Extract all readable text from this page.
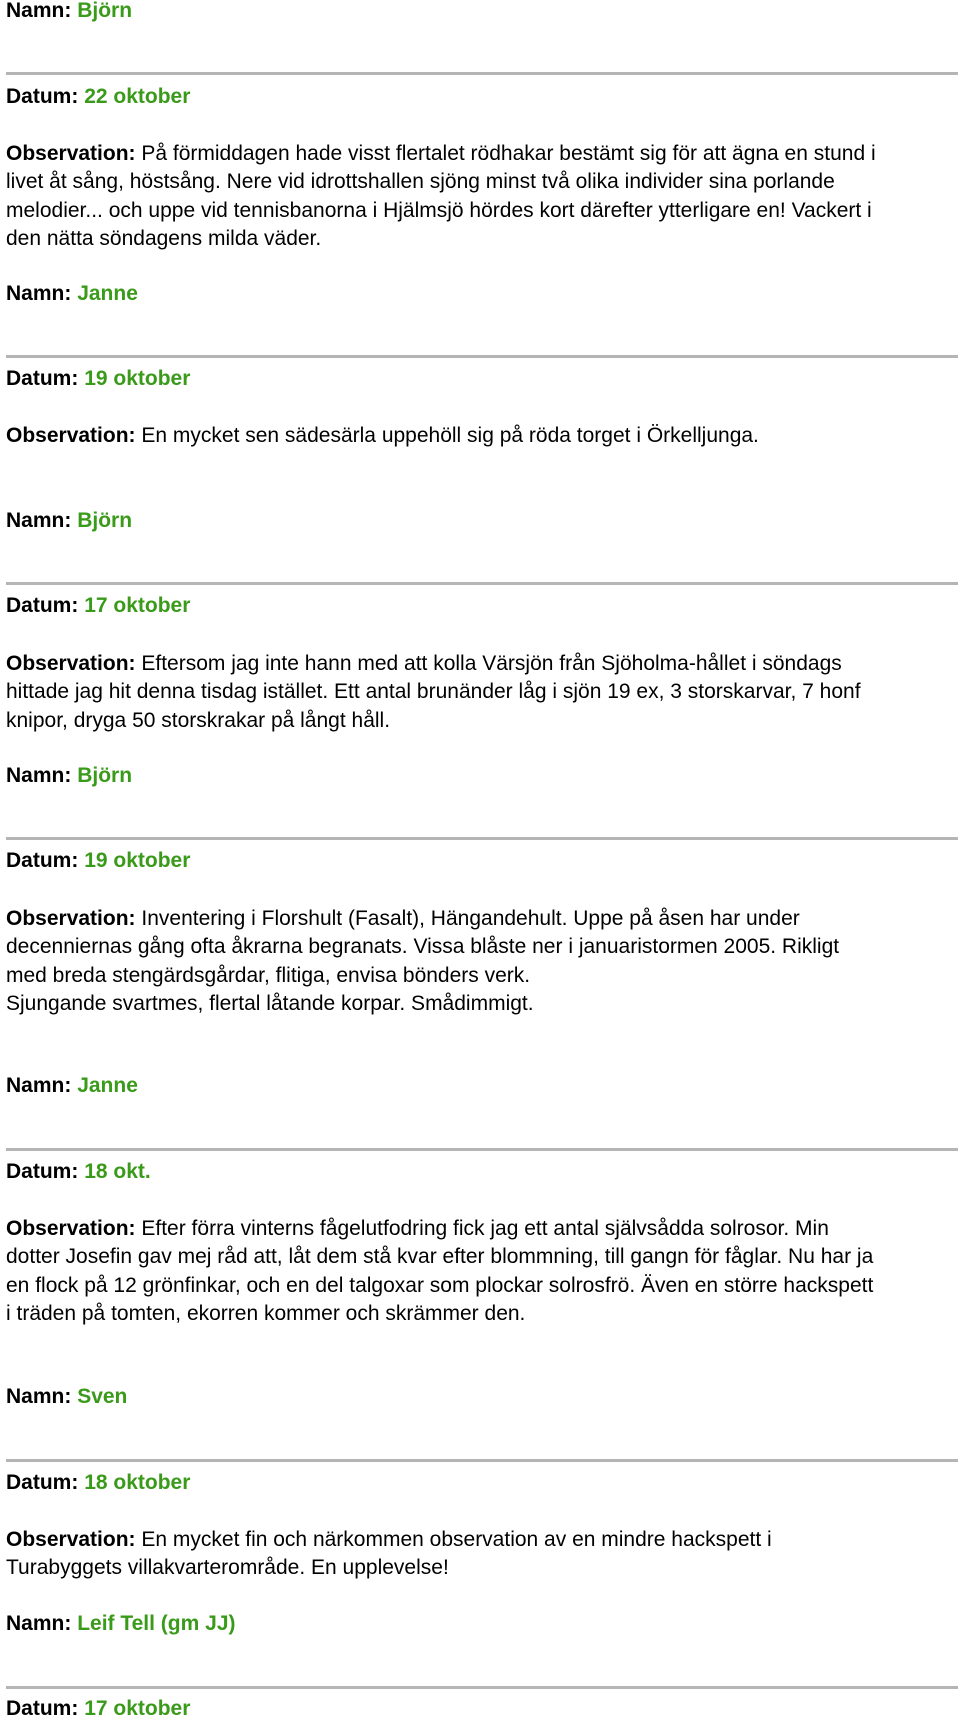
Namn: Björn
Datum: 22 oktober
Observation: På förmiddagen hade visst flertalet rödhakar bestämt sig för att ägna en stund i livet åt sång, höstsång. Nere vid idrottshallen sjöng minst två olika individer sina porlande melodier... och uppe vid tennisbanorna i Hjälmsjö hördes kort därefter ytterligare en! Vackert i den nätta söndagens milda väder.
Namn: Janne
Datum: 19 oktober
Observation: En mycket sen sädesärla uppehöll sig på röda torget i Örkelljunga.
Namn: Björn
Datum: 17 oktober
Observation: Eftersom jag inte hann med att kolla Värsjön från Sjöholma-hållet i söndags hittade jag hit denna tisdag istället. Ett antal brunänder låg i sjön 19 ex, 3 storskarvar, 7 honf knipor, dryga 50 storskrakar på långt håll.
Namn: Björn
Datum: 19 oktober
Observation: Inventering i Florshult (Fasalt), Hängandehult. Uppe på åsen har under decenniernas gång ofta åkrarna begranats. Vissa blåste ner i januaristormen 2005. Rikligt med breda stengärdsgårdar, flitiga, envisa bönders verk.
Sjungande svartmes, flertal låtande korpar. Smådimmigt.
Namn: Janne
Datum: 18 okt.
Observation: Efter förra vinterns fågelutfodring fick jag ett antal självsådda solrosor. Min dotter Josefin gav mej råd att, låt dem stå kvar efter blommning, till gangn för fåglar. Nu har ja en flock på 12 grönfinkar, och en del talgoxar som plockar solrosfrö. Även en större hackspett i träden på tomten, ekorren kommer och skrämmer den.
Namn: Sven
Datum: 18 oktober
Observation: En mycket fin och närkommen observation av en mindre hackspett i Turabyggets villakvarterområde. En upplevelse!
Namn: Leif Tell (gm JJ)
Datum: 17 oktober
